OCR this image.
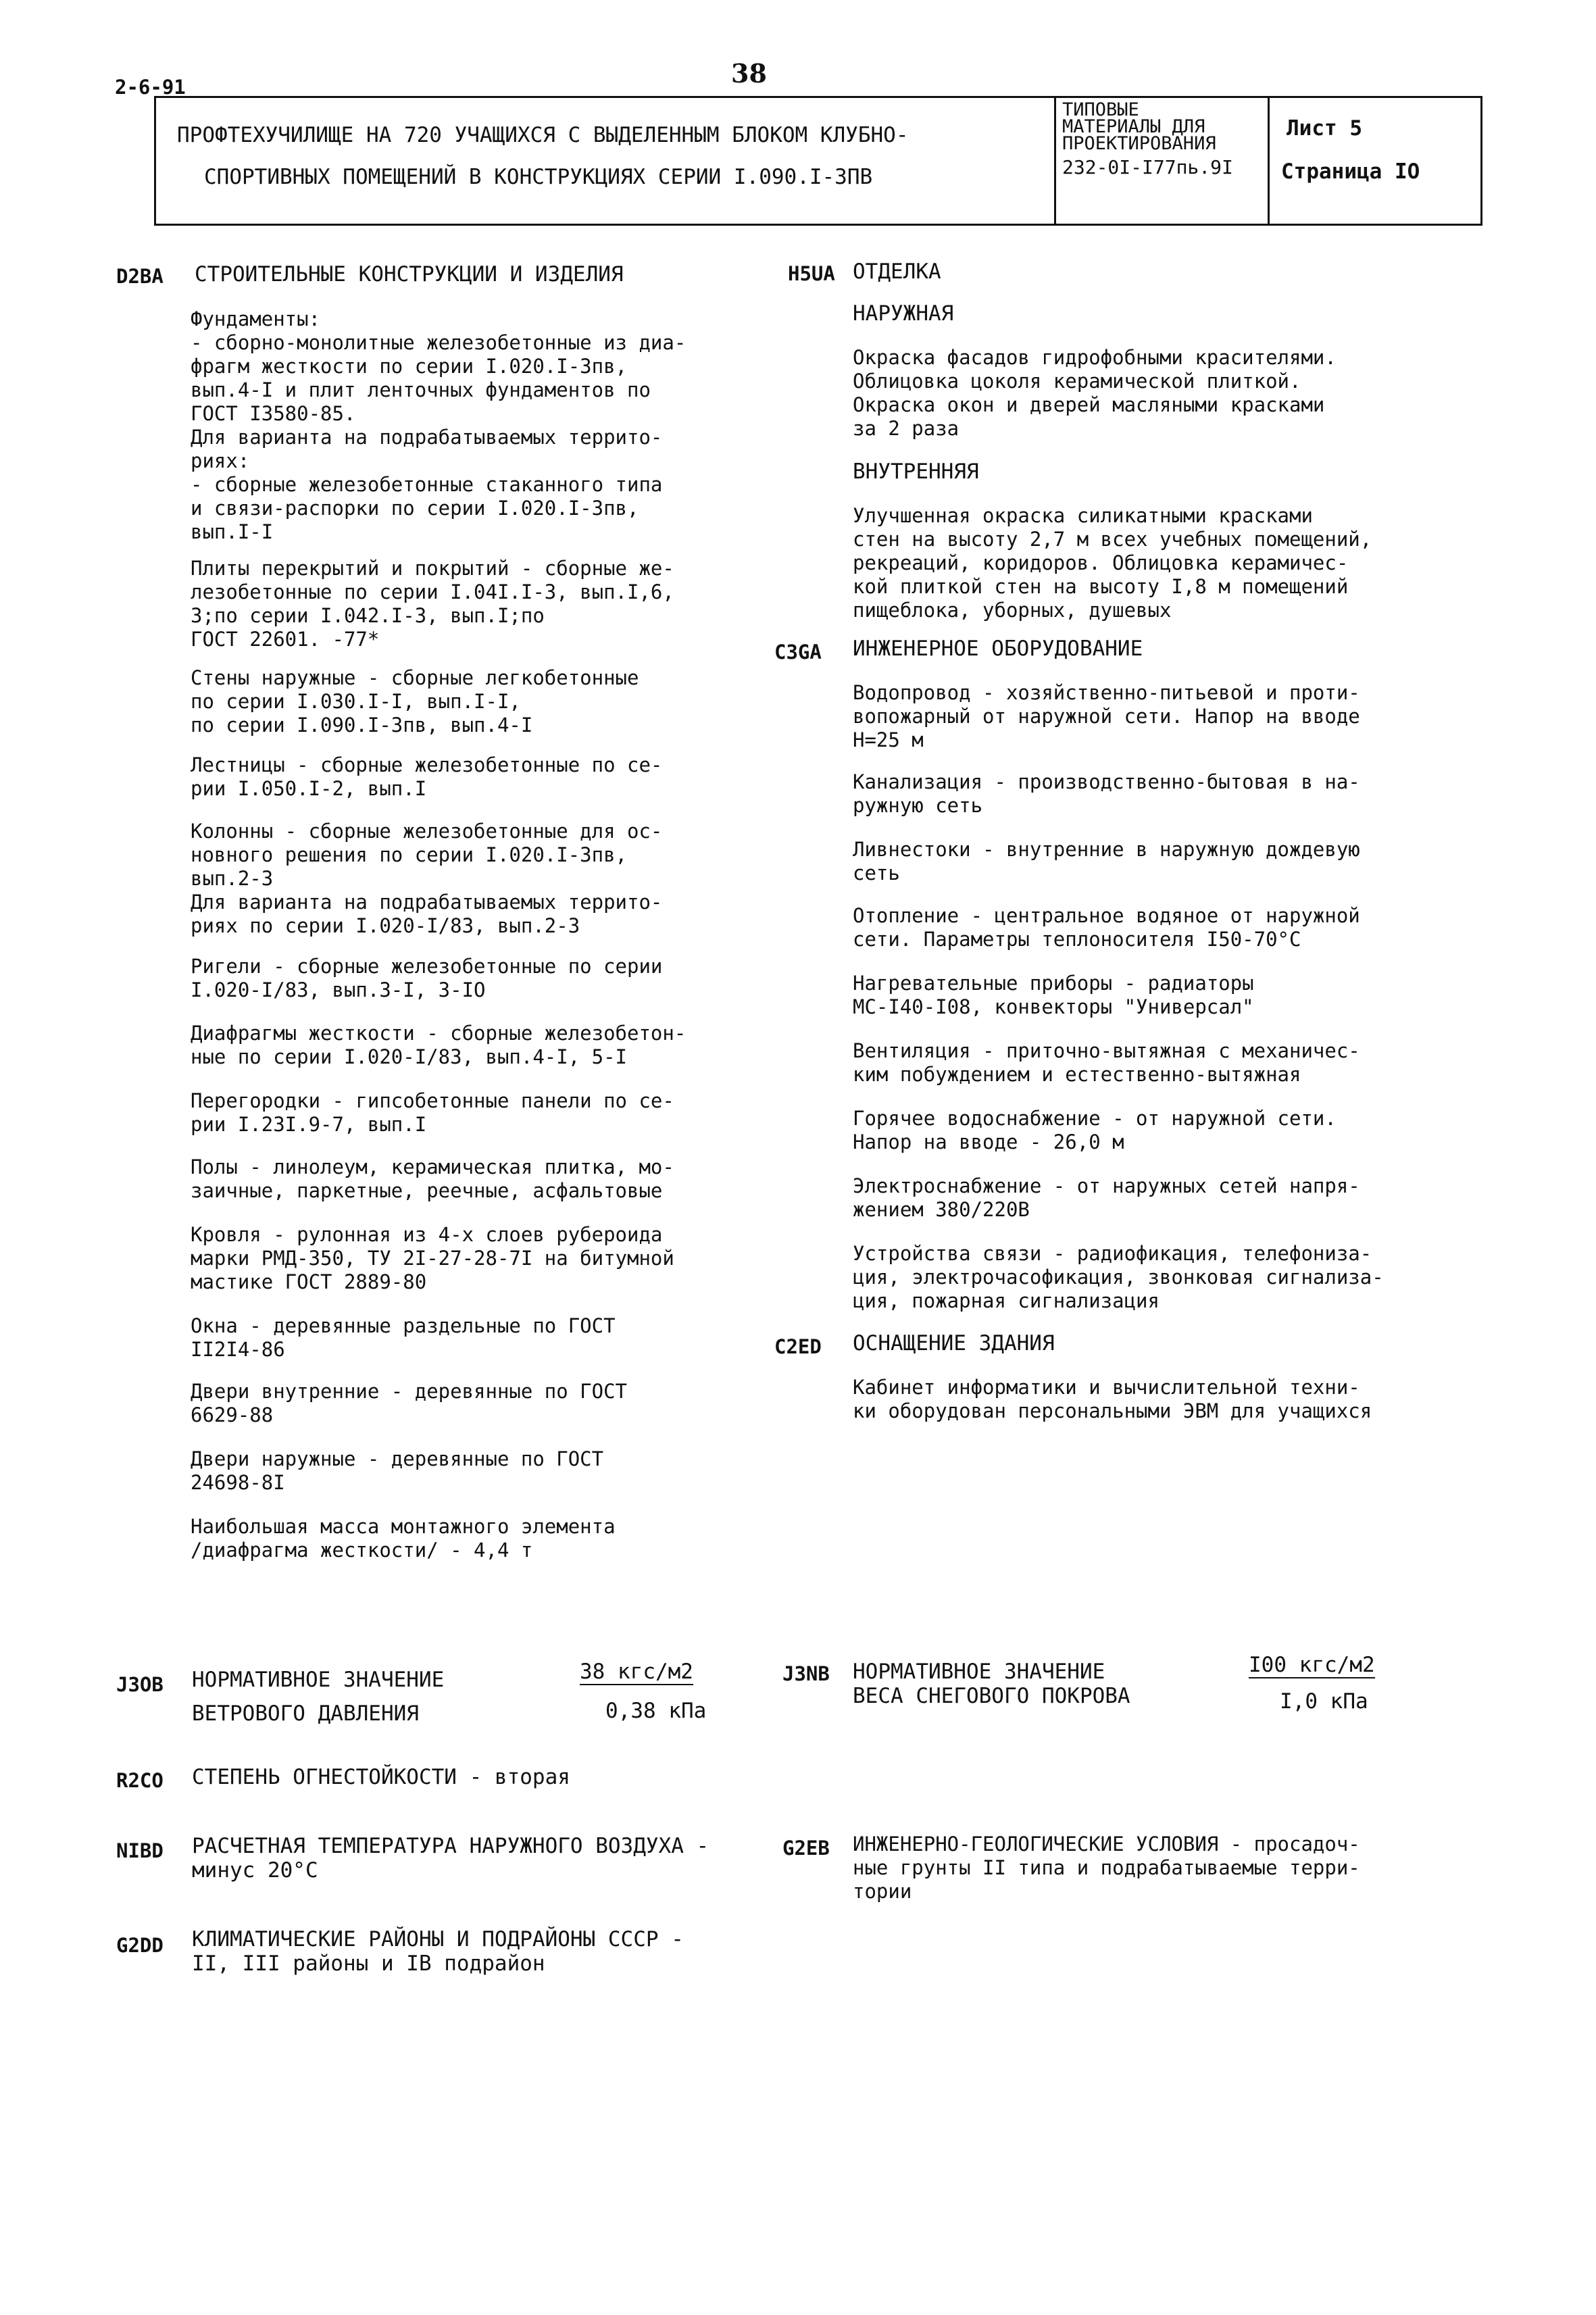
2-6-91	38
ПРОФТЕХУЧИЛИЩЕ НА 720 УЧАЩИХСЯ С ВЫДЕЛЕННЫМ БЛОКОМ КЛУБНО-
СПОРТИВНЫХ ПОМЕЩЕНИЙ В КОНСТРУКЦИЯХ СЕРИИ I.090.I-3ПВ
ТИПОВЫЕ
МАТЕРИАЛЫ ДЛЯ
ПРОЕКТИРОВАНИЯ
232-0I-I77пь.9I
Лист 5
Страница IO
D2BA СТРОИТЕЛЬНЫЕ КОНСТРУКЦИИ И ИЗДЕЛИЯ
Фундаменты:
- сборно-монолитные железобетонные из диа-
фрагм жесткости по серии I.020.I-3пв,
вып.4-I и плит ленточных фундаментов по
ГОСТ I3580-85.
Для варианта на подрабатываемых террито-
риях:
- сборные железобетонные стаканного типа
и связи-распорки по серии I.020.I-3пв,
вып.I-I
Плиты перекрытий и покрытий - сборные же-
лезобетонные по серии I.04I.I-3, вып.I,6,
3;по серии I.042.I-3, вып.I;по
ГОСТ 22601. -77*
Стены наружные - сборные легкобетонные
по серии I.030.I-I, вып.I-I,
по серии I.090.I-3пв, вып.4-I
Лестницы - сборные железобетонные по се-
рии I.050.I-2, вып.I
Колонны - сборные железобетонные для ос-
новного решения по серии I.020.I-3пв,
вып.2-3
Для варианта на подрабатываемых террито-
риях по серии I.020-I/83, вып.2-3
Ригели - сборные железобетонные по серии
I.020-I/83, вып.3-I, 3-IO
Диафрагмы жесткости - сборные железобетон-
ные по серии I.020-I/83, вып.4-I, 5-I
Перегородки - гипсобетонные панели по се-
рии I.23I.9-7, вып.I
Полы - линолеум, керамическая плитка, мо-
заичные, паркетные, реечные, асфальтовые
Кровля - рулонная из 4-х слоев рубероида
марки РМД-350, ТУ 2I-27-28-7I на битумной
мастике ГОСТ 2889-80
Окна - деревянные раздельные по ГОСТ
II2I4-86
Двери внутренние - деревянные по ГОСТ
6629-88
Двери наружные - деревянные по ГОСТ
24698-8I
Наибольшая масса монтажного элемента
/диафрагма жесткости/ - 4,4 т
H5UA ОТДЕЛКА
НАРУЖНАЯ
Окраска фасадов гидрофобными красителями.
Облицовка цоколя керамической плиткой.
Окраска окон и дверей масляными красками
за 2 раза
ВНУТРЕННЯЯ
Улучшенная окраска силикатными красками
стен на высоту 2,7 м всех учебных помещений,
рекреаций, коридоров. Облицовка керамичес-
кой плиткой стен на высоту I,8 м помещений
пищеблока, уборных, душевых
C3GA ИНЖЕНЕРНОЕ ОБОРУДОВАНИЕ
Водопровод - хозяйственно-питьевой и проти-
вопожарный от наружной сети. Напор на вводе
H=25 м
Канализация - производственно-бытовая в на-
ружную сеть
Ливнестоки - внутренние в наружную дождевую
сеть
Отопление - центральное водяное от наружной
сети. Параметры теплоносителя I50-70°C
Нагревательные приборы - радиаторы
МС-I40-I08, конвекторы "Универсал"
Вентиляция - приточно-вытяжная с механичес-
ким побуждением и естественно-вытяжная
Горячее водоснабжение - от наружной сети.
Напор на вводе - 26,0 м
Электроснабжение - от наружных сетей напря-
жением 380/220В
Устройства связи - радиофикация, телефониза-
ция, электрочасофикация, звонковая сигнализа-
ция, пожарная сигнализация
C2ED ОСНАЩЕНИЕ ЗДАНИЯ
Кабинет информатики и вычислительной техни-
ки оборудован персональными ЭВМ для учащихся
J3OB НОРМАТИВНОЕ ЗНАЧЕНИЕ
ВЕТРОВОГО ДАВЛЕНИЯ
38 кгс/м2
0,38 кПа
J3NB НОРМАТИВНОЕ ЗНАЧЕНИЕ
ВЕСА СНЕГОВОГО ПОКРОВА
I00 кгс/м2
I,0 кПа
R2CO СТЕПЕНЬ ОГНЕСТОЙКОСТИ - вторая
NIBD РАСЧЕТНАЯ ТЕМПЕРАТУРА НАРУЖНОГО ВОЗДУХА -
минус 20°С
G2EB ИНЖЕНЕРНО-ГЕОЛОГИЧЕСКИЕ УСЛОВИЯ - просадоч-
ные грунты II типа и подрабатываемые терри-
тории
G2DD КЛИМАТИЧЕСКИЕ РАЙОНЫ И ПОДРАЙОНЫ СССР -
II, III районы и IВ подрайон
